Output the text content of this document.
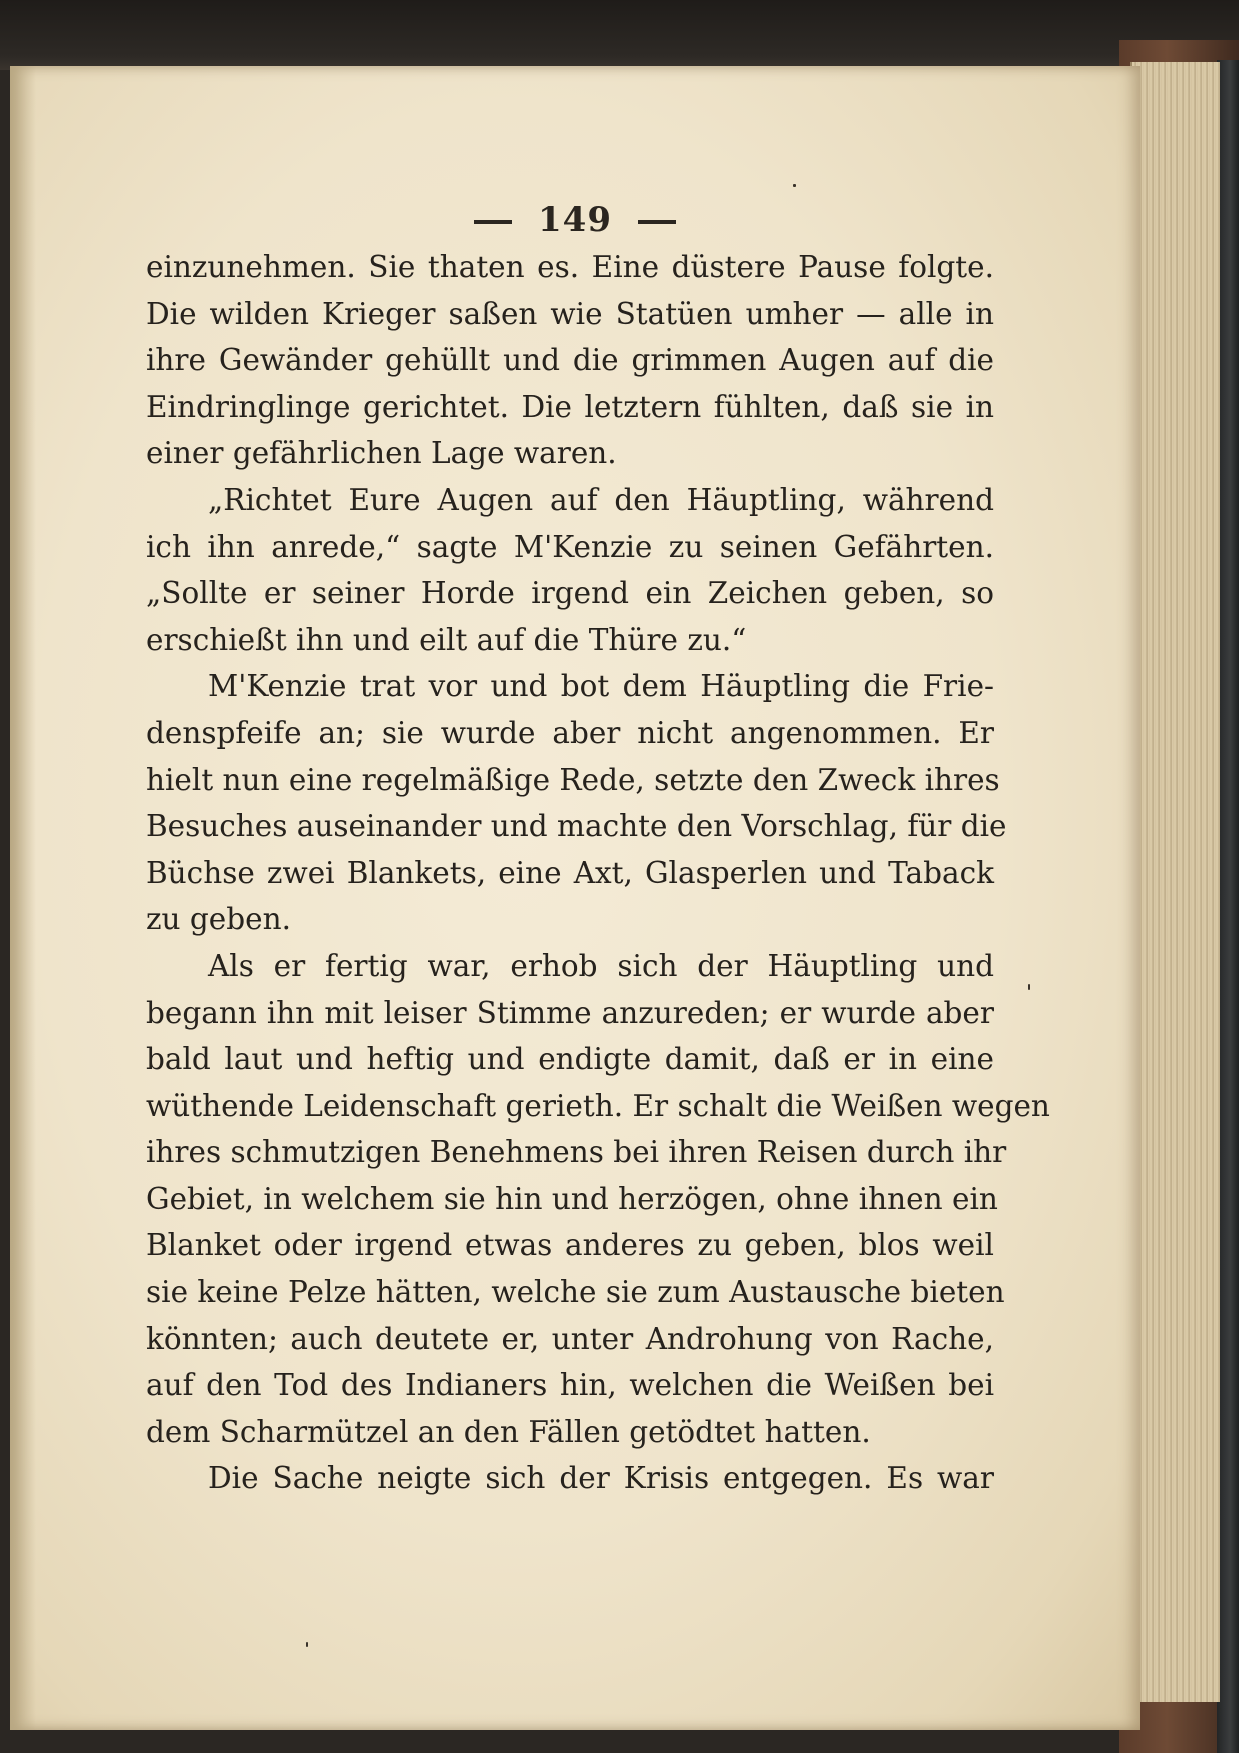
149
einzunehmen. Sie thaten es. Eine düstere Pause folgte.
Die wilden Krieger saßen wie Statüen umher — alle in
ihre Gewänder gehüllt und die grimmen Augen auf die
Eindringlinge gerichtet. Die letztern fühlten, daß sie in
einer gefährlichen Lage waren.
„Richtet Eure Augen auf den Häuptling, während
ich ihn anrede,“ sagte M'Kenzie zu seinen Gefährten.
„Sollte er seiner Horde irgend ein Zeichen geben, so
erschießt ihn und eilt auf die Thüre zu.“
M'Kenzie trat vor und bot dem Häuptling die Frie-
denspfeife an; sie wurde aber nicht angenommen. Er
hielt nun eine regelmäßige Rede, setzte den Zweck ihres
Besuches auseinander und machte den Vorschlag, für die
Büchse zwei Blankets, eine Axt, Glasperlen und Taback
zu geben.
Als er fertig war, erhob sich der Häuptling und
begann ihn mit leiser Stimme anzureden; er wurde aber
bald laut und heftig und endigte damit, daß er in eine
wüthende Leidenschaft gerieth. Er schalt die Weißen wegen
ihres schmutzigen Benehmens bei ihren Reisen durch ihr
Gebiet, in welchem sie hin und herzögen, ohne ihnen ein
Blanket oder irgend etwas anderes zu geben, blos weil
sie keine Pelze hätten, welche sie zum Austausche bieten
könnten; auch deutete er, unter Androhung von Rache,
auf den Tod des Indianers hin, welchen die Weißen bei
dem Scharmützel an den Fällen getödtet hatten.
Die Sache neigte sich der Krisis entgegen. Es war
